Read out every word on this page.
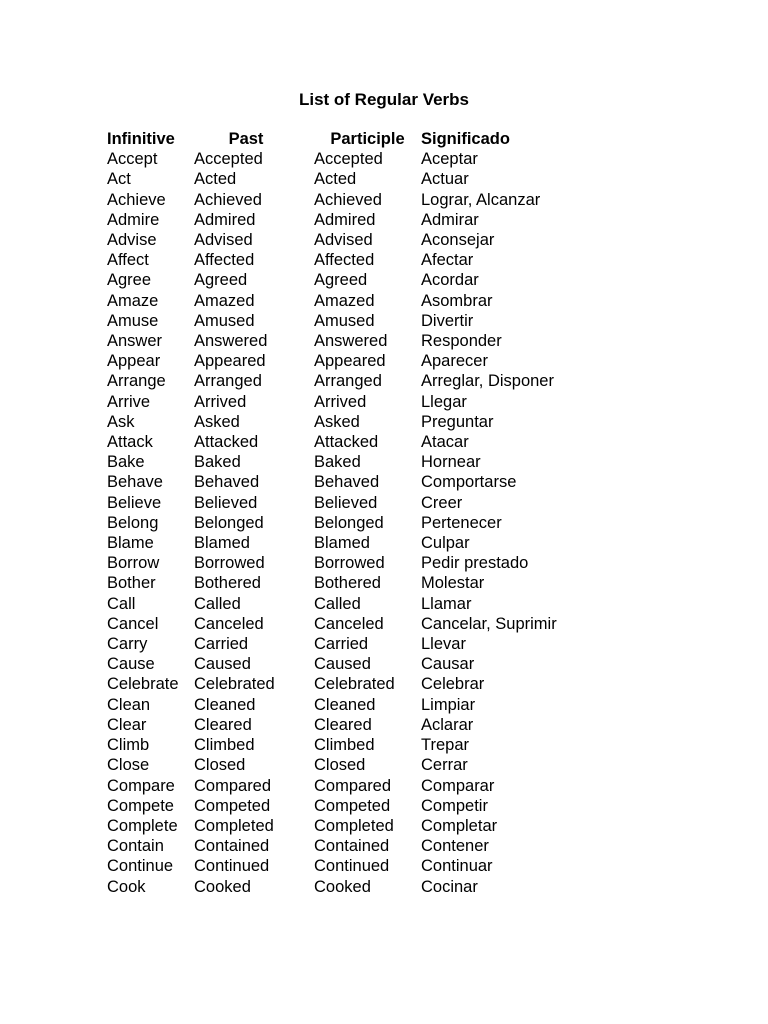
List of Regular Verbs
Infinitive	Past	Participle	Significado
Accept	Accepted	Accepted	Aceptar
Act	Acted	Acted	Actuar
Achieve	Achieved	Achieved	Lograr, Alcanzar
Admire	Admired	Admired	Admirar
Advise	Advised	Advised	Aconsejar
Affect	Affected	Affected	Afectar
Agree	Agreed	Agreed	Acordar
Amaze	Amazed	Amazed	Asombrar
Amuse	Amused	Amused	Divertir
Answer	Answered	Answered	Responder
Appear	Appeared	Appeared	Aparecer
Arrange	Arranged	Arranged	Arreglar, Disponer
Arrive	Arrived	Arrived	Llegar
Ask	Asked	Asked	Preguntar
Attack	Attacked	Attacked	Atacar
Bake	Baked	Baked	Hornear
Behave	Behaved	Behaved	Comportarse
Believe	Believed	Believed	Creer
Belong	Belonged	Belonged	Pertenecer
Blame	Blamed	Blamed	Culpar
Borrow	Borrowed	Borrowed	Pedir prestado
Bother	Bothered	Bothered	Molestar
Call	Called	Called	Llamar
Cancel	Canceled	Canceled	Cancelar, Suprimir
Carry	Carried	Carried	Llevar
Cause	Caused	Caused	Causar
Celebrate	Celebrated	Celebrated	Celebrar
Clean	Cleaned	Cleaned	Limpiar
Clear	Cleared	Cleared	Aclarar
Climb	Climbed	Climbed	Trepar
Close	Closed	Closed	Cerrar
Compare	Compared	Compared	Comparar
Compete	Competed	Competed	Competir
Complete	Completed	Completed	Completar
Contain	Contained	Contained	Contener
Continue	Continued	Continued	Continuar
Cook	Cooked	Cooked	Cocinar
